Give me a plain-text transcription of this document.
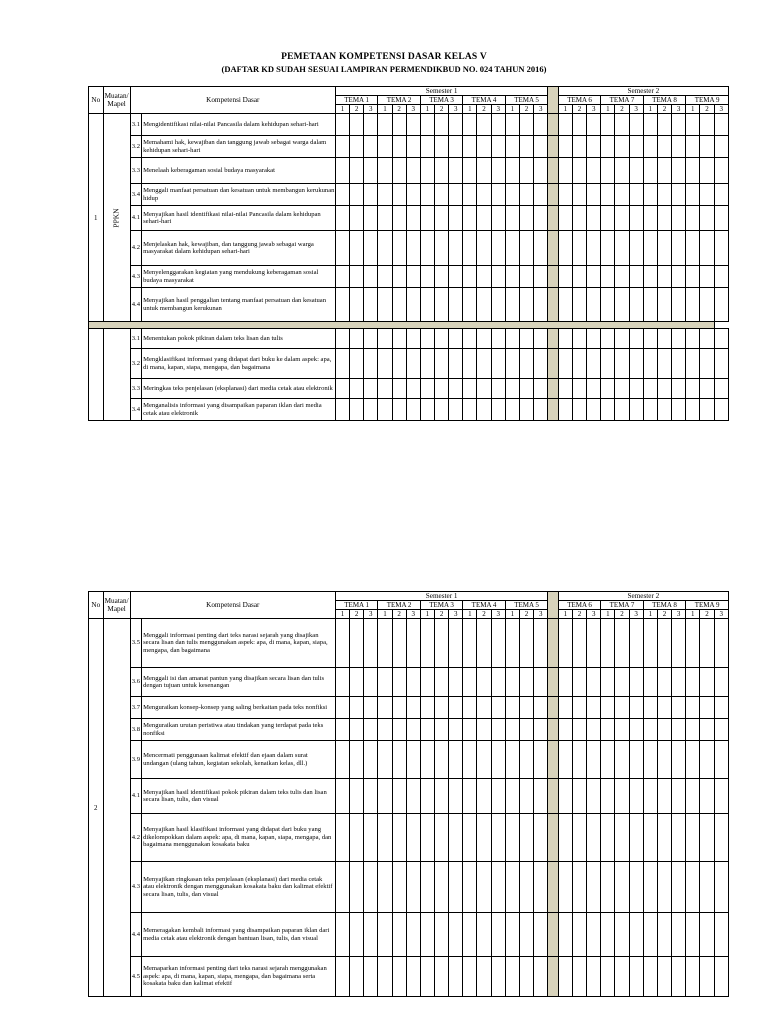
PEMETAAN KOMPETENSI DASAR KELAS V
(DAFTAR KD SUDAH SESUAI LAMPIRAN PERMENDIKBUD NO. 024 TAHUN 2016)
No	Muatan/ Mapel	Kompetensi Dasar		Semester 1																Semester 2											
				TEMA 1			TEMA 2			TEMA 3			TEMA 4			TEMA 5				TEMA 6			TEMA 7			TEMA 8			TEMA 9		
				1	2	3	1	2	3	1	2	3	1	2	3	1	2	3		1	2	3	1	2	3	1	2	3	1	2	3
1	PPKN	3.1	Mengidentifikasi nilai-nilai Pancasila dalam kehidupan sehari-hari																												
		3.2	Memahami hak, kewajiban dan tanggung jawab sebagai warga dalam kehidupan sehari-hari																												
		3.3	Menelaah keberagaman sosial budaya masyarakat																												
		3.4	Menggali manfaat persatuan dan kesatuan untuk membangun kerukunan hidup																												
		4.1	Menyajikan hasil identifikasi nilai-nilai Pancasila dalam kehidupan sehari-hari																												
		4.2	Menjelaskan hak, kewajiban, dan tanggung jawab sebagai warga masyarakat dalam kehidupan sehari-hari																												
		4.3	Menyelenggarakan kegiatan yang mendukung keberagaman sosial budaya masyarakat																												
		4.4	Menyajikan hasil penggalian tentang manfaat persatuan dan kesatuan untuk membangun kerukunan																												

		3.1	Menentukan pokok pikiran dalam teks lisan dan tulis																												
		3.2	Mengklasifikasi informasi yang didapat dari buku ke dalam aspek: apa, di mana, kapan, siapa, mengapa, dan bagaimana																												
		3.3	Meringkas teks penjelasan (eksplanasi) dari media cetak atau elektronik																												
		3.4	Menganalisis informasi yang disampaikan paparan iklan dari media cetak atau elektronik																												
No	Muatan/ Mapel	Kompetensi Dasar		Semester 1																Semester 2											
				TEMA 1			TEMA 2			TEMA 3			TEMA 4			TEMA 5				TEMA 6			TEMA 7			TEMA 8			TEMA 9		
				1	2	3	1	2	3	1	2	3	1	2	3	1	2	3		1	2	3	1	2	3	1	2	3	1	2	3
2		3.5	Menggali informasi penting dari teks narasi sejarah yang disajikan secara lisan dan tulis menggunakan aspek: apa, di mana, kapan, siapa, mengapa, dan bagaimana																												
		3.6	Menggali isi dan amanat pantun yang disajikan secara lisan dan tulis dengan tujuan untuk kesenangan																												
		3.7	Menguraikan konsep-konsep yang saling berkaitan pada teks nonfiksi																												
		3.8	Menguraikan urutan peristiwa atau tindakan yang terdapat pada teks nonfiksi																												
		3.9	Mencermati penggunaan kalimat efektif dan ejaan dalam surat undangan (ulang tahun, kegiatan sekolah, kenaikan kelas, dll.)																												
		4.1	Menyajikan hasil identifikasi pokok pikiran dalam teks tulis dan lisan secara lisan, tulis, dan visual																												
		4.2	Menyajikan hasil klasifikasi informasi yang didapat dari buku yang dikelompokkan dalam aspek: apa, di mana, kapan, siapa, mengapa, dan bagaimana menggunakan kosakata baku																												
		4.3	Menyajikan ringkasan teks penjelasan (eksplanasi) dari media cetak atau elektronik dengan menggunakan kosakata baku dan kalimat efektif secara lisan, tulis, dan visual																												
		4.4	Memeragakan kembali informasi yang disampaikan paparan iklan dari media cetak atau elektronik dengan bantuan lisan, tulis, dan visual																												
		4.5	Memaparkan informasi penting dari teks narasi sejarah menggunakan aspek: apa, di mana, kapan, siapa, mengapa, dan bagaimana serta kosakata baku dan kalimat efektif																												
